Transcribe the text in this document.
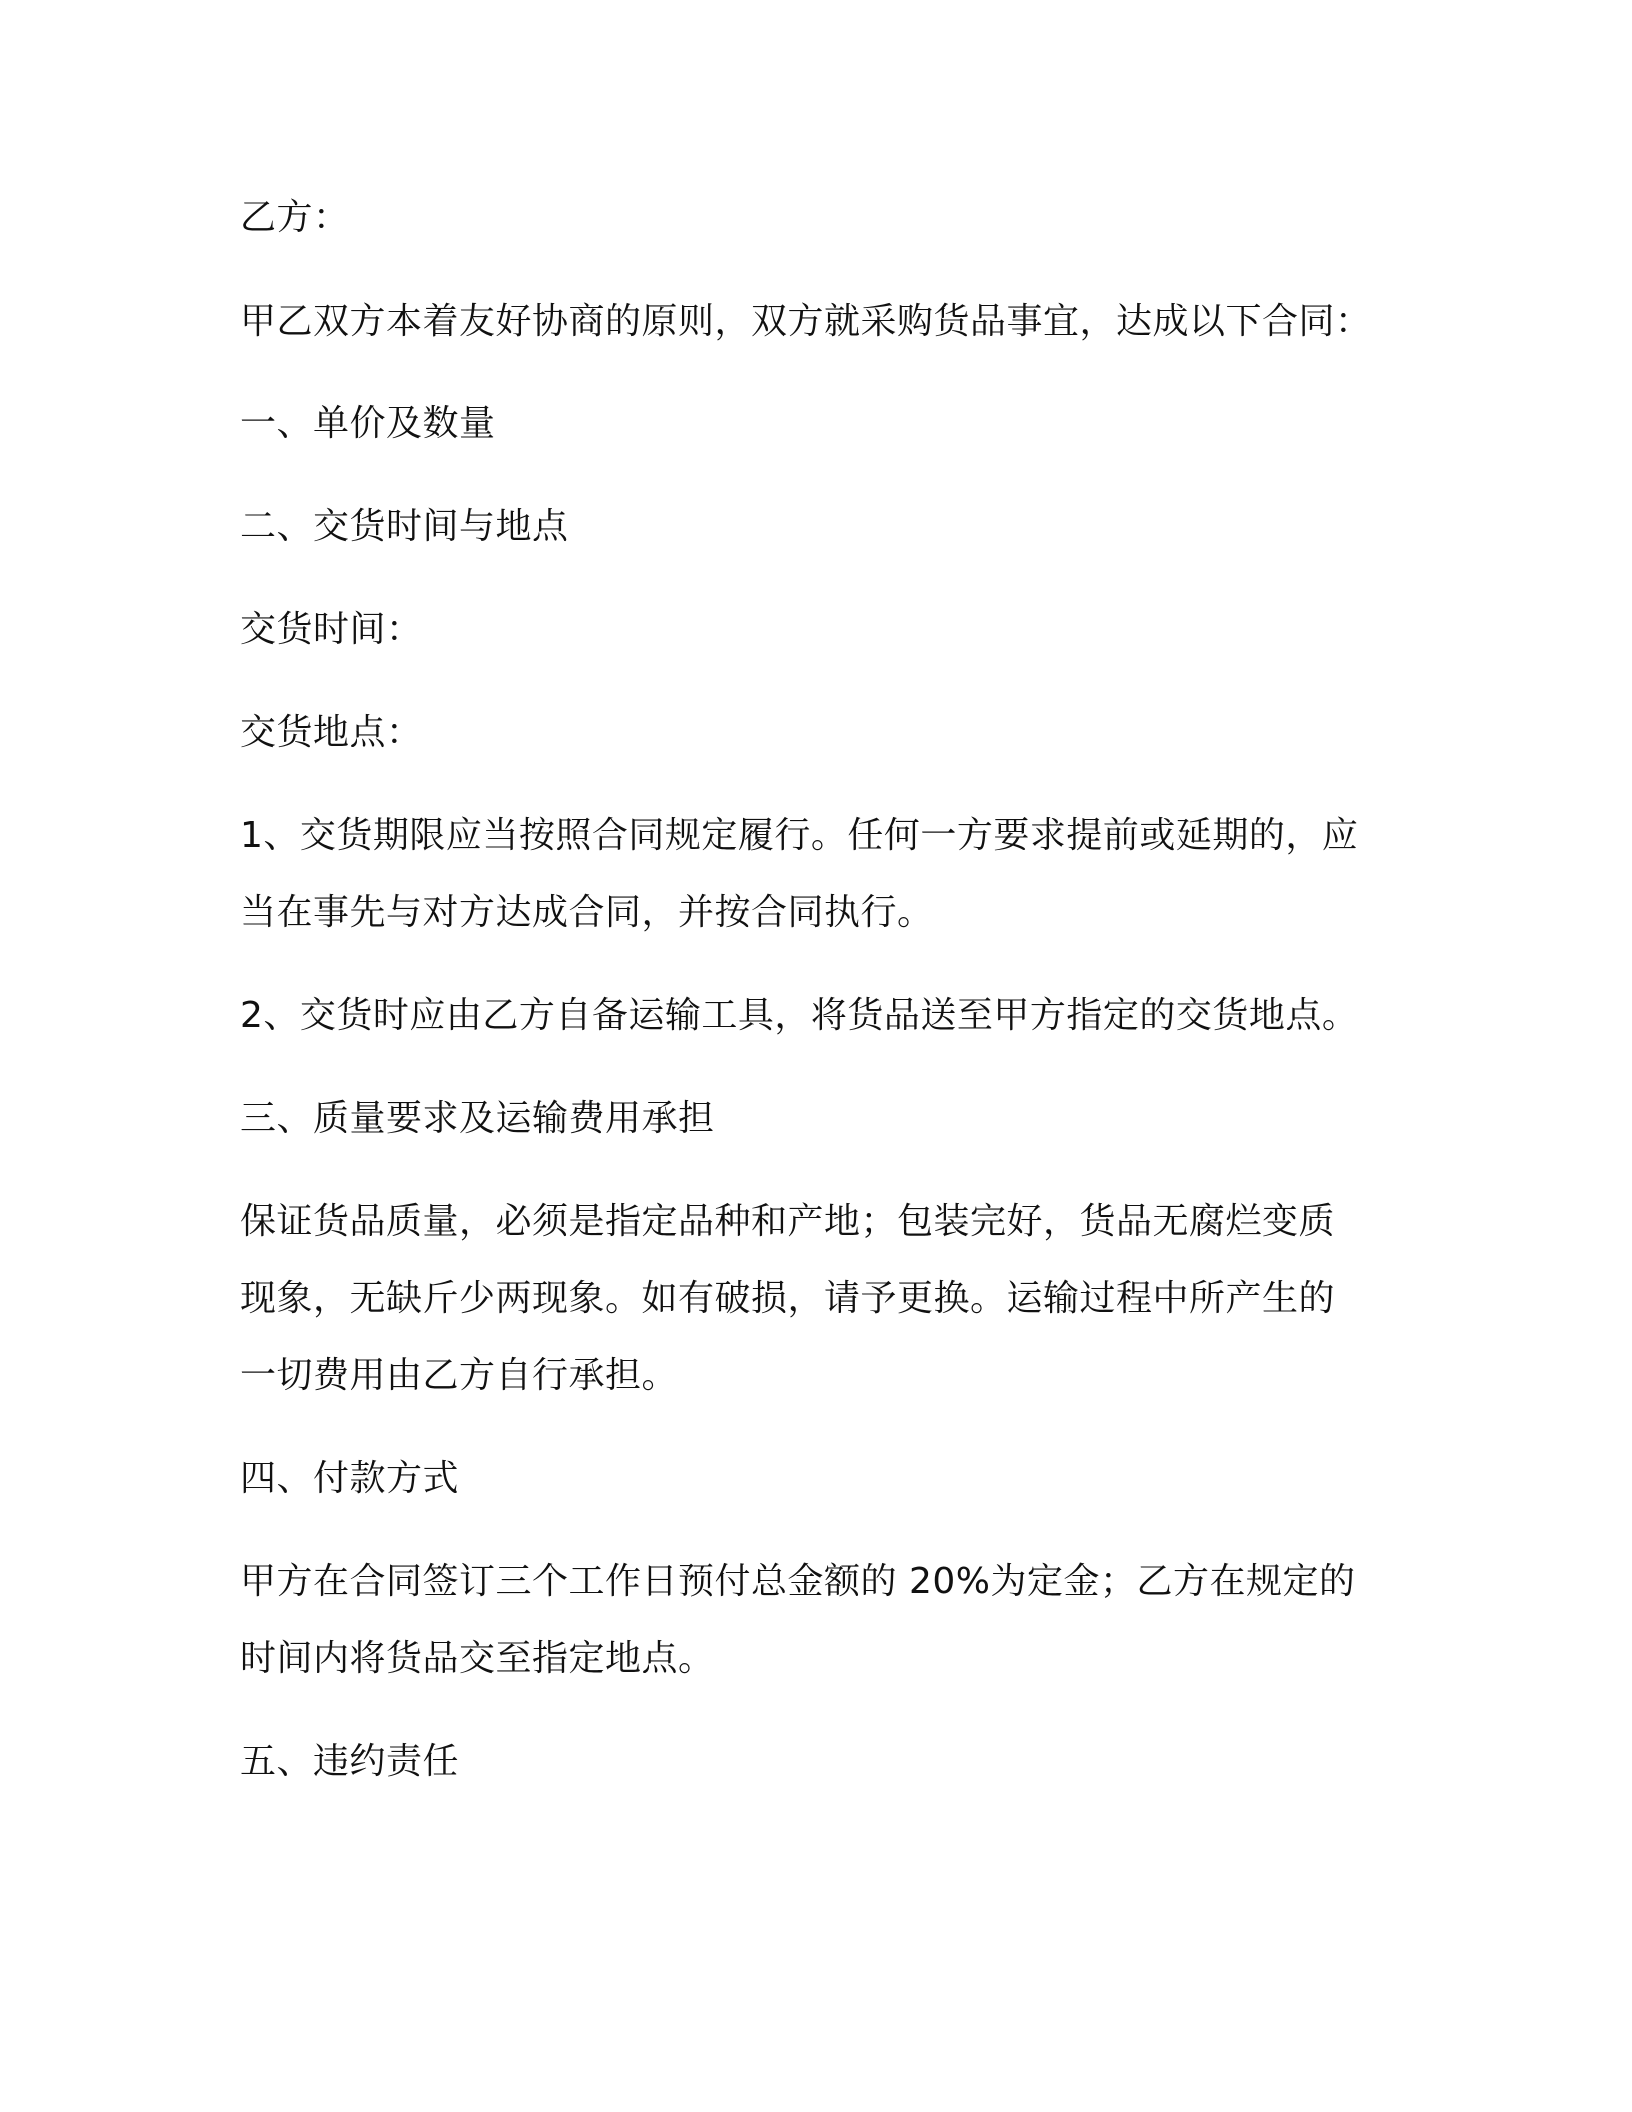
乙方：
甲乙双方本着友好协商的原则，双方就采购货品事宜，达成以下合同：
一、单价及数量
二、交货时间与地点
交货时间：
交货地点：
1、交货期限应当按照合同规定履行。任何一方要求提前或延期的，应
当在事先与对方达成合同，并按合同执行。
2、交货时应由乙方自备运输工具，将货品送至甲方指定的交货地点。
三、质量要求及运输费用承担
保证货品质量，必须是指定品种和产地；包装完好，货品无腐烂变质
现象，无缺斤少两现象。如有破损，请予更换。运输过程中所产生的
一切费用由乙方自行承担。
四、付款方式
甲方在合同签订三个工作日预付总金额的 20%为定金；乙方在规定的
时间内将货品交至指定地点。
五、违约责任
